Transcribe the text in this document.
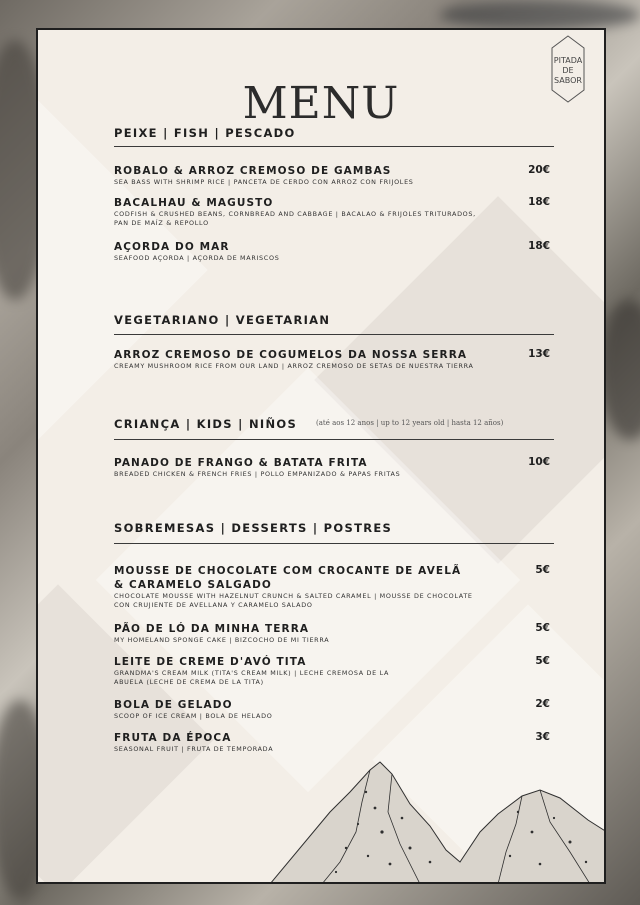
MENU
PITADA
DE
SABOR
PEIXE | FISH | PESCADO
ROBALO & ARROZ CREMOSO DE GAMBAS
SEA BASS WITH SHRIMP RICE | PANCETA DE CERDO CON ARROZ CON FRIJOLES
20€
BACALHAU & MAGUSTO
CODFISH & CRUSHED BEANS, CORNBREAD AND CABBAGE | BACALAO & FRIJOLES TRITURADOS, PAN DE MAÍZ & REPOLLO
18€
AÇORDA DO MAR
SEAFOOD AÇORDA | AÇORDA DE MARISCOS
18€
VEGETARIANO | VEGETARIAN
ARROZ CREMOSO DE COGUMELOS DA NOSSA SERRA
CREAMY MUSHROOM RICE FROM OUR LAND | ARROZ CREMOSO DE SETAS DE NUESTRA TIERRA
13€
CRIANÇA | KIDS | NIÑOS	(até aos 12 anos | up to 12 years old | hasta 12 años)
PANADO DE FRANGO & BATATA FRITA
BREADED CHICKEN & FRENCH FRIES | POLLO EMPANIZADO & PAPAS FRITAS
10€
SOBREMESAS | DESSERTS | POSTRES
MOUSSE DE CHOCOLATE COM CROCANTE DE AVELÃ & CARAMELO SALGADO
CHOCOLATE MOUSSE WITH HAZELNUT CRUNCH & SALTED CARAMEL | MOUSSE DE CHOCOLATE CON CRUJIENTE DE AVELLANA Y CARAMELO SALADO
5€
PÃO DE LÓ DA MINHA TERRA
MY HOMELAND SPONGE CAKE | BIZCOCHO DE MI TIERRA
5€
LEITE DE CREME D'AVÓ TITA
GRANDMA'S CREAM MILK (TITA'S CREAM MILK) | LECHE CREMOSA DE LA ABUELA (LECHE DE CREMA DE LA TITA)
5€
BOLA DE GELADO
SCOOP OF ICE CREAM | BOLA DE HELADO
2€
FRUTA DA ÉPOCA
SEASONAL FRUIT | FRUTA DE TEMPORADA
3€
